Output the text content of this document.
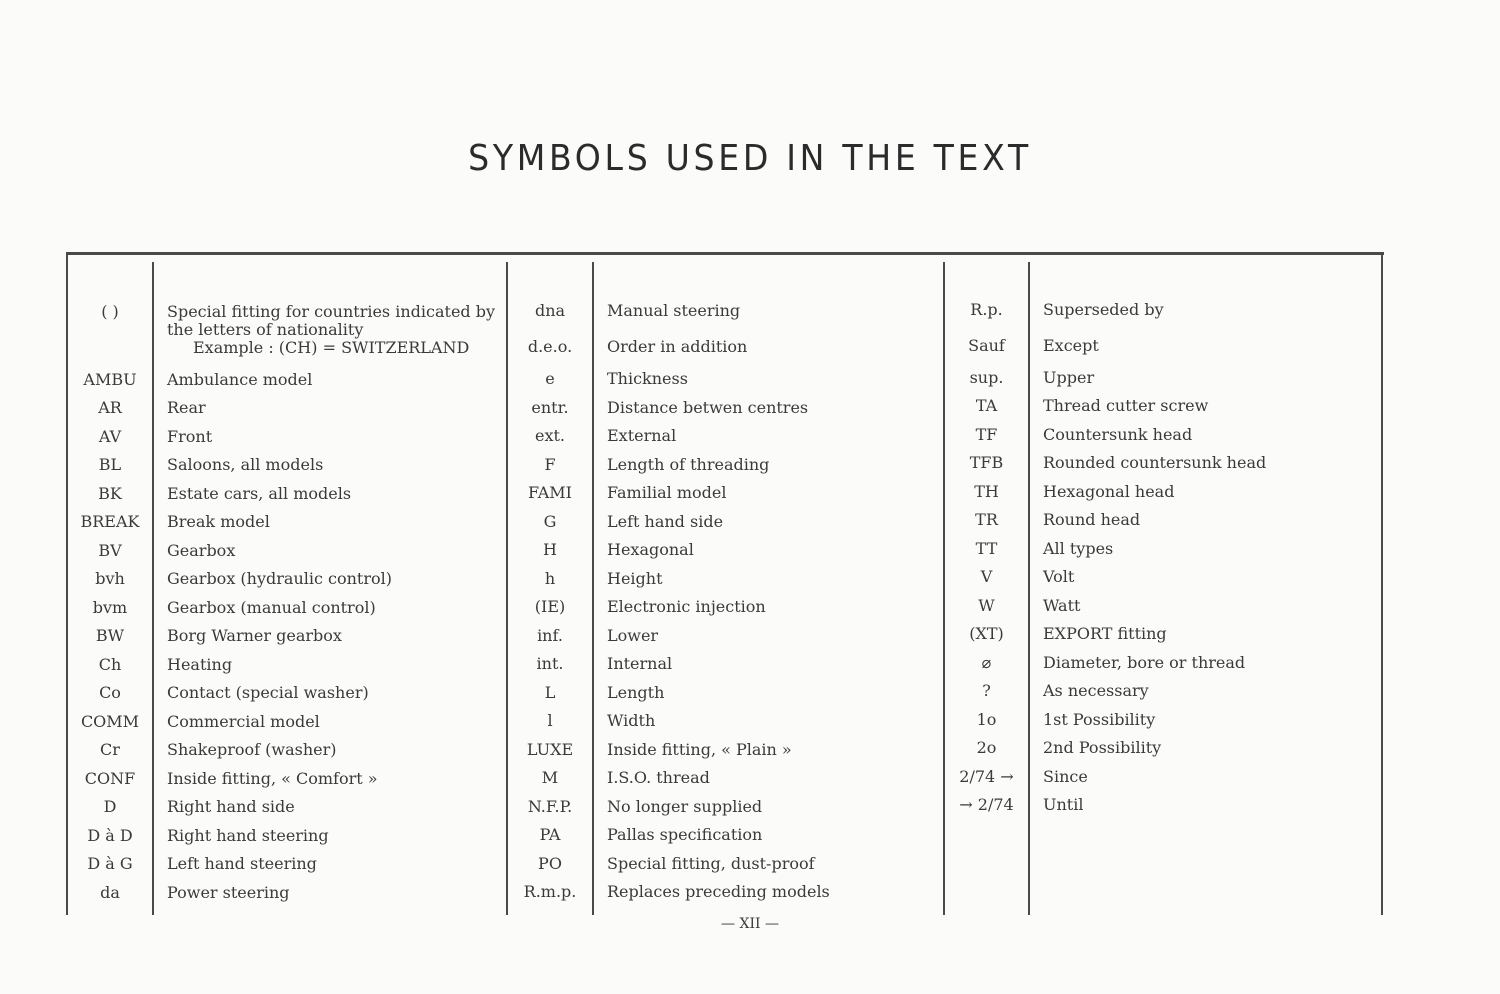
SYMBOLS USED IN THE TEXT
( )	Special fitting for countries indicated by
the letters of nationality
Example : (CH) = SWITZERLAND
AMBU	Ambulance model
AR	Rear
AV	Front
BL	Saloons, all models
BK	Estate cars, all models
BREAK	Break model
BV	Gearbox
bvh	Gearbox (hydraulic control)
bvm	Gearbox (manual control)
BW	Borg Warner gearbox
Ch	Heating
Co	Contact (special washer)
COMM	Commercial model
Cr	Shakeproof (washer)
CONF	Inside fitting, « Comfort »
D	Right hand side
D à D	Right hand steering
D à G	Left hand steering
da	Power steering
dna	Manual steering
d.e.o.	Order in addition
e	Thickness
entr.	Distance betwen centres
ext.	External
F	Length of threading
FAMI	Familial model
G	Left hand side
H	Hexagonal
h	Height
(IE)	Electronic injection
inf.	Lower
int.	Internal
L	Length
l	Width
LUXE	Inside fitting, « Plain »
M	I.S.O. thread
N.F.P.	No longer supplied
PA	Pallas specification
PO	Special fitting, dust-proof
R.m.p.	Replaces preceding models
R.p.	Superseded by
Sauf	Except
sup.	Upper
TA	Thread cutter screw
TF	Countersunk head
TFB	Rounded countersunk head
TH	Hexagonal head
TR	Round head
TT	All types
V	Volt
W	Watt
(XT)	EXPORT fitting
⌀	Diameter, bore or thread
?	As necessary
1o	1st Possibility
2o	2nd Possibility
2/74 →	Since
→ 2/74	Until
— XII —
